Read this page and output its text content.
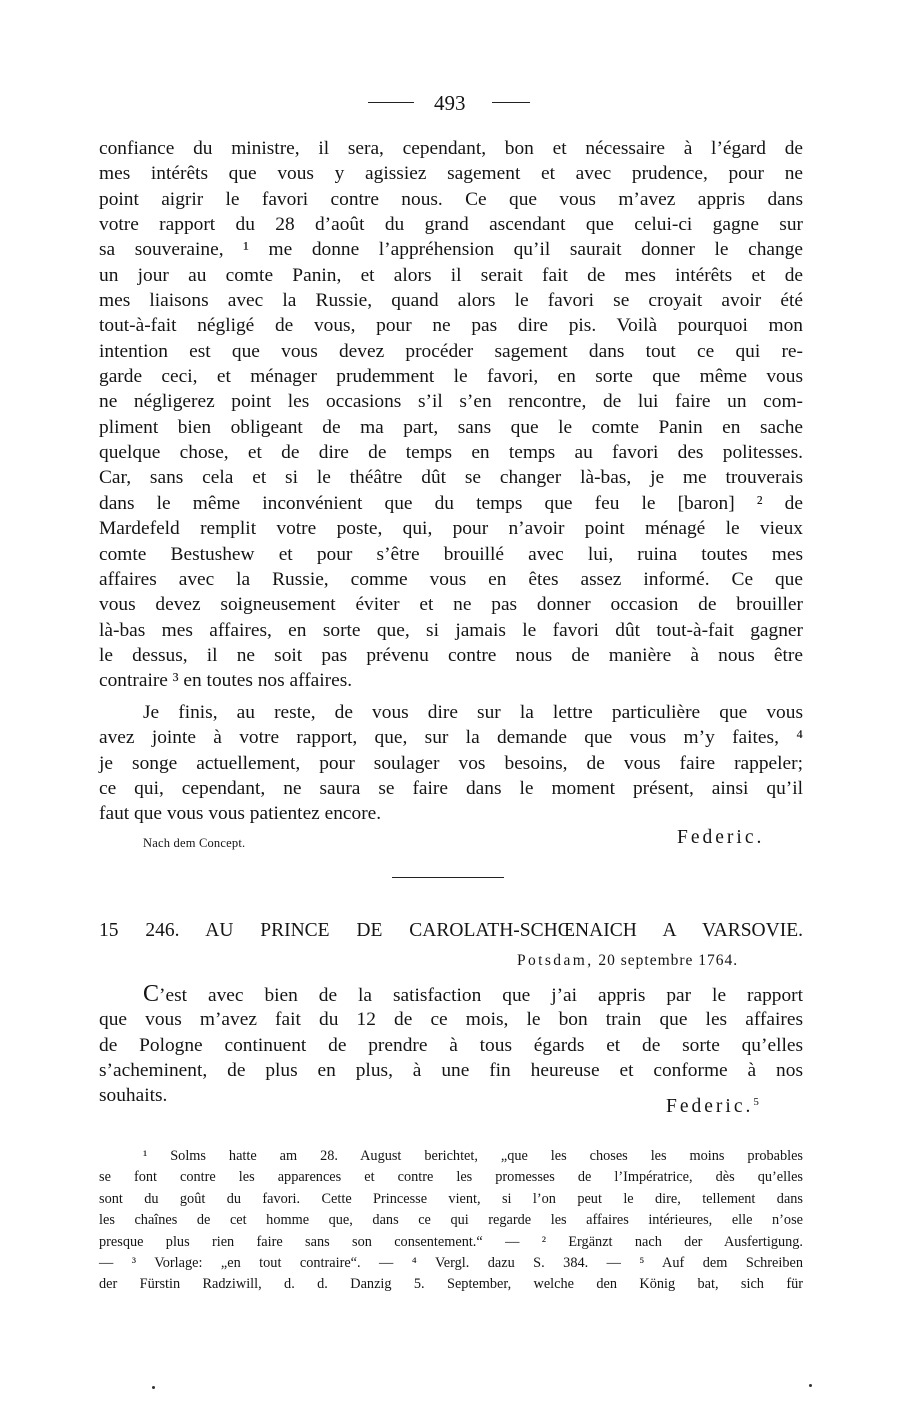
493
confiance du ministre, il sera, cependant, bon et nécessaire à l’égard de
mes intérêts que vous y agissiez sagement et avec prudence, pour ne
point aigrir le favori contre nous. Ce que vous m’avez appris dans
votre rapport du 28 d’août du grand ascendant que celui-ci gagne sur
sa souveraine, ¹ me donne l’appréhension qu’il saurait donner le change
un jour au comte Panin, et alors il serait fait de mes intérêts et de
mes liaisons avec la Russie, quand alors le favori se croyait avoir été
tout-à-fait négligé de vous, pour ne pas dire pis. Voilà pourquoi mon
intention est que vous devez procéder sagement dans tout ce qui re-
garde ceci, et ménager prudemment le favori, en sorte que même vous
ne négligerez point les occasions s’il s’en rencontre, de lui faire un com-
pliment bien obligeant de ma part, sans que le comte Panin en sache
quelque chose, et de dire de temps en temps au favori des politesses.
Car, sans cela et si le théâtre dût se changer là-bas, je me trouverais
dans le même inconvénient que du temps que feu le [baron] ² de
Mardefeld remplit votre poste, qui, pour n’avoir point ménagé le vieux
comte Bestushew et pour s’être brouillé avec lui, ruina toutes mes
affaires avec la Russie, comme vous en êtes assez informé. Ce que
vous devez soigneusement éviter et ne pas donner occasion de brouiller
là-bas mes affaires, en sorte que, si jamais le favori dût tout-à-fait gagner
le dessus, il ne soit pas prévenu contre nous de manière à nous être
contraire ³ en toutes nos affaires.
Je finis, au reste, de vous dire sur la lettre particulière que vous
avez jointe à votre rapport, que, sur la demande que vous m’y faites, ⁴
je songe actuellement, pour soulager vos besoins, de vous faire rappeler;
ce qui, cependant, ne saura se faire dans le moment présent, ainsi qu’il
faut que vous vous patientez encore.
Nach dem Concept.	Federic.
15 246. AU PRINCE DE CAROLATH-SCHŒNAICH A VARSOVIE.
Potsdam, 20 septembre 1764.
C’est avec bien de la satisfaction que j’ai appris par le rapport
que vous m’avez fait du 12 de ce mois, le bon train que les affaires
de Pologne continuent de prendre à tous égards et de sorte qu’elles
s’acheminent, de plus en plus, à une fin heureuse et conforme à nos
souhaits.
Federic.$^5$
¹ Solms hatte am 28. August berichtet, „que les choses les moins probables
se font contre les apparences et contre les promesses de l’Impératrice, dès qu’elles
sont du goût du favori. Cette Princesse vient, si l’on peut le dire, tellement dans
les chaînes de cet homme que, dans ce qui regarde les affaires intérieures, elle n’ose
presque plus rien faire sans son consentement.“ — ² Ergänzt nach der Ausfertigung.
— ³ Vorlage: „en tout contraire“. — ⁴ Vergl. dazu S. 384. — ⁵ Auf dem Schreiben
der Fürstin Radziwill, d. d. Danzig 5. September, welche den König bat, sich für
